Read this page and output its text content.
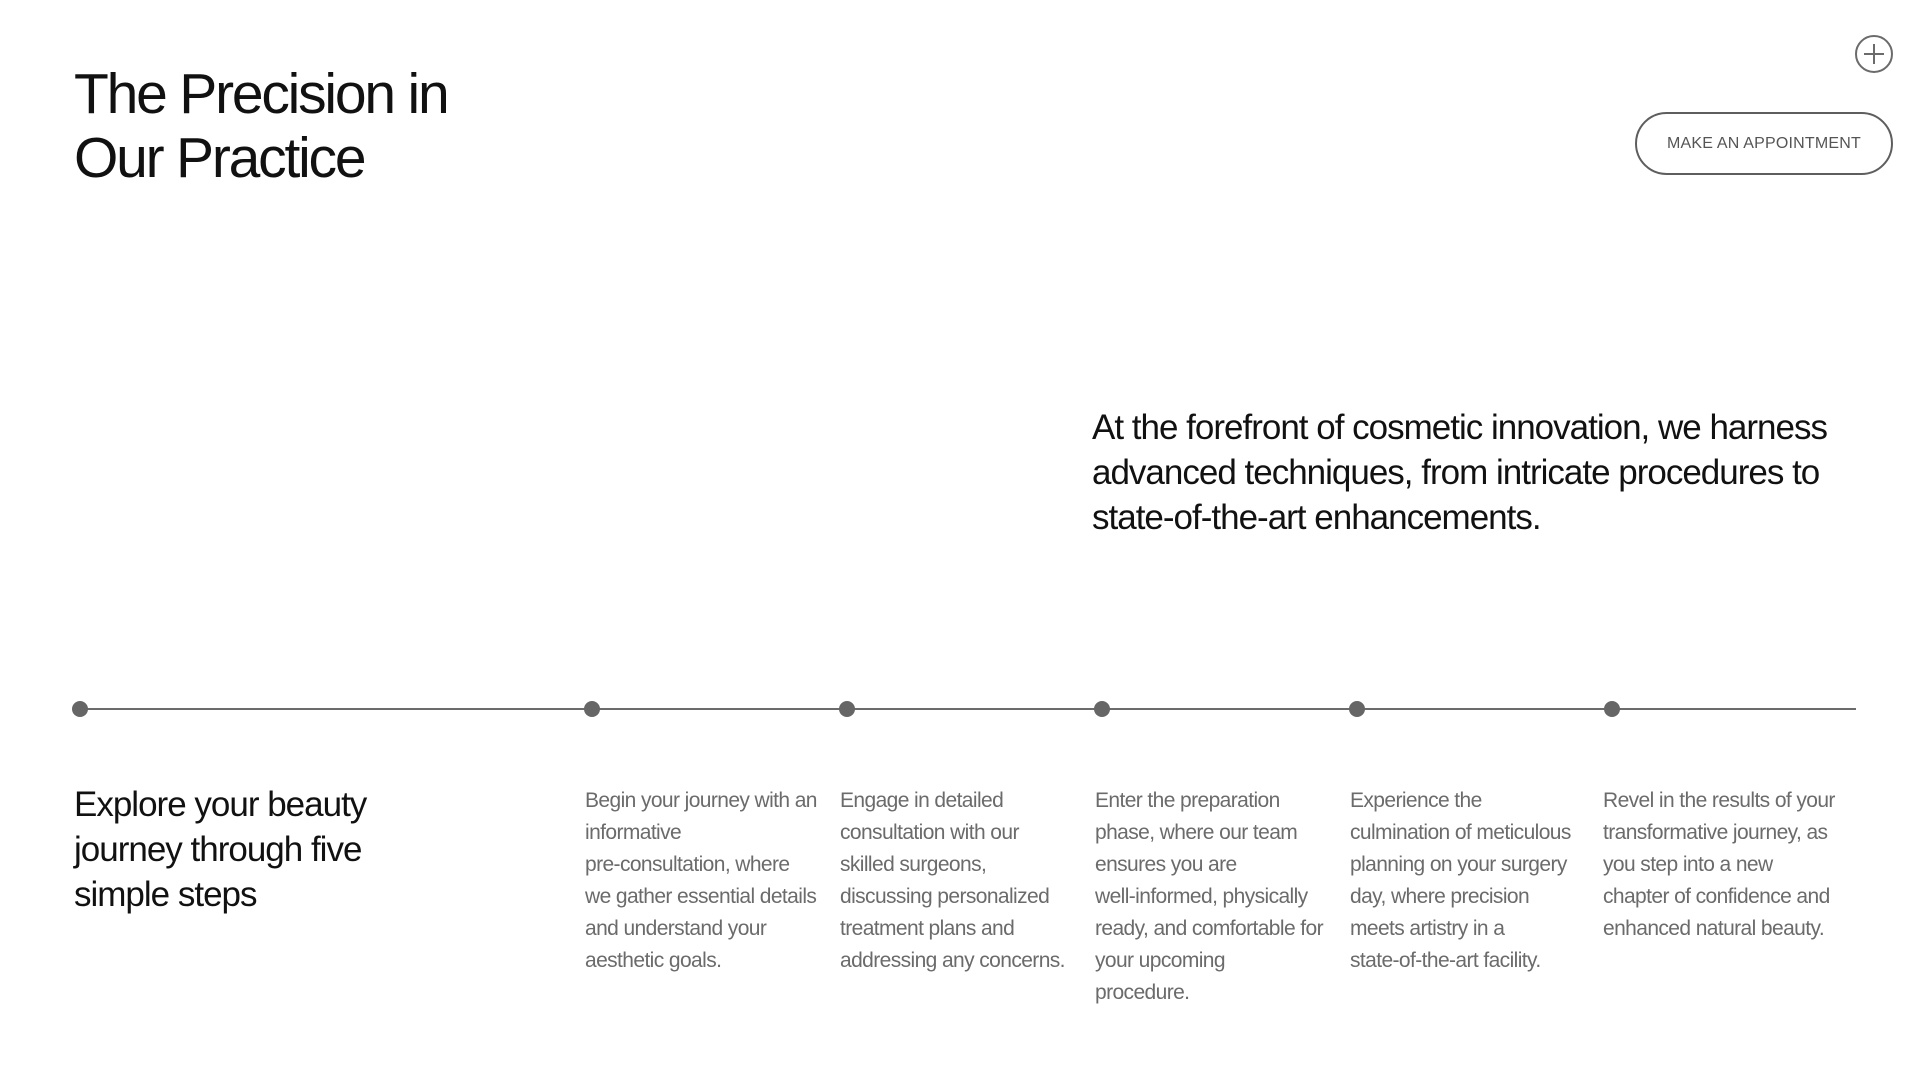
The Precision in
Our Practice	MAKE AN APPOINTMENT

At the forefront of cosmetic innovation, we harness
advanced techniques, from intricate procedures to
state-of-the-art enhancements.

Explore your beauty
journey through five
simple steps

Begin your journey with an
informative
pre-consultation, where
we gather essential details
and understand your
aesthetic goals.

Engage in detailed
consultation with our
skilled surgeons,
discussing personalized
treatment plans and
addressing any concerns.

Enter the preparation
phase, where our team
ensures you are
well-informed, physically
ready, and comfortable for
your upcoming
procedure.

Experience the
culmination of meticulous
planning on your surgery
day, where precision
meets artistry in a
state-of-the-art facility.

Revel in the results of your
transformative journey, as
you step into a new
chapter of confidence and
enhanced natural beauty.
